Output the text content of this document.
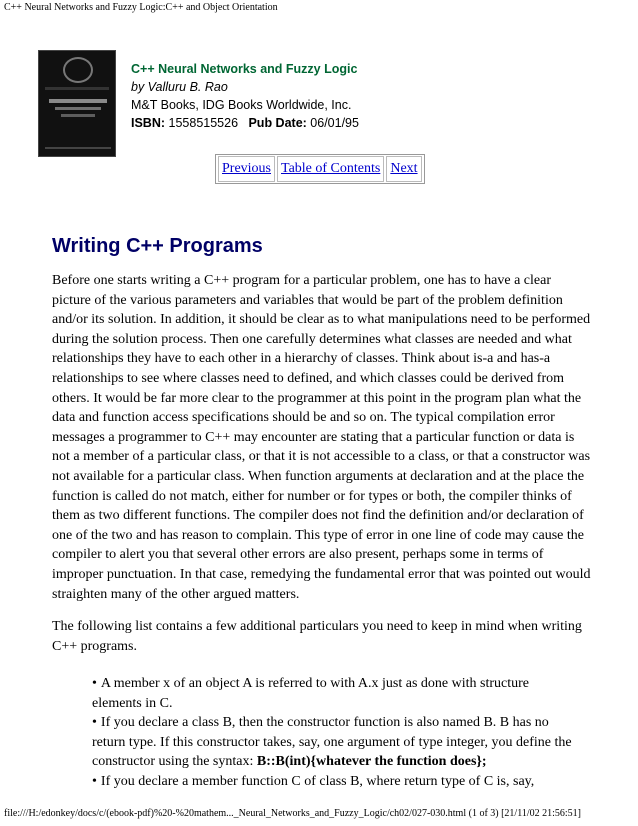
C++ Neural Networks and Fuzzy Logic:C++ and Object Orientation
C++ Neural Networks and Fuzzy Logic
by Valluru B. Rao
M&T Books, IDG Books Worldwide, Inc.
ISBN: 1558515526 Pub Date: 06/01/95
Previous Table of Contents Next
Writing C++ Programs

Before one starts writing a C++ program for a particular problem, one has to have a clear picture of the various parameters and variables that would be part of the problem definition and/or its solution. In addition, it should be clear as to what manipulations need to be performed during the solution process. Then one carefully determines what classes are needed and what relationships they have to each other in a hierarchy of classes. Think about is-a and has-a relationships to see where classes need to defined, and which classes could be derived from others. It would be far more clear to the programmer at this point in the program plan what the data and function access specifications should be and so on. The typical compilation error messages a programmer to C++ may encounter are stating that a particular function or data is not a member of a particular class, or that it is not accessible to a class, or that a constructor was not available for a particular class. When function arguments at declaration and at the place the function is called do not match, either for number or for types or both, the compiler thinks of them as two different functions. The compiler does not find the definition and/or declaration of one of the two and has reason to complain. This type of error in one line of code may cause the compiler to alert you that several other errors are also present, perhaps some in terms of improper punctuation. In that case, remedying the fundamental error that was pointed out would straighten many of the other argued matters.

The following list contains a few additional particulars you need to keep in mind when writing C++ programs.

• A member x of an object A is referred to with A.x just as done with structure elements in C.
• If you declare a class B, then the constructor function is also named B. B has no return type. If this constructor takes, say, one argument of type integer, you define the constructor using the syntax: B::B(int){whatever the function does};
• If you declare a member function C of class B, where return type of C is, say,
file:///H:/edonkey/docs/c/(ebook-pdf)%20-%20mathem..._Neural_Networks_and_Fuzzy_Logic/ch02/027-030.html (1 of 3) [21/11/02 21:56:51]
